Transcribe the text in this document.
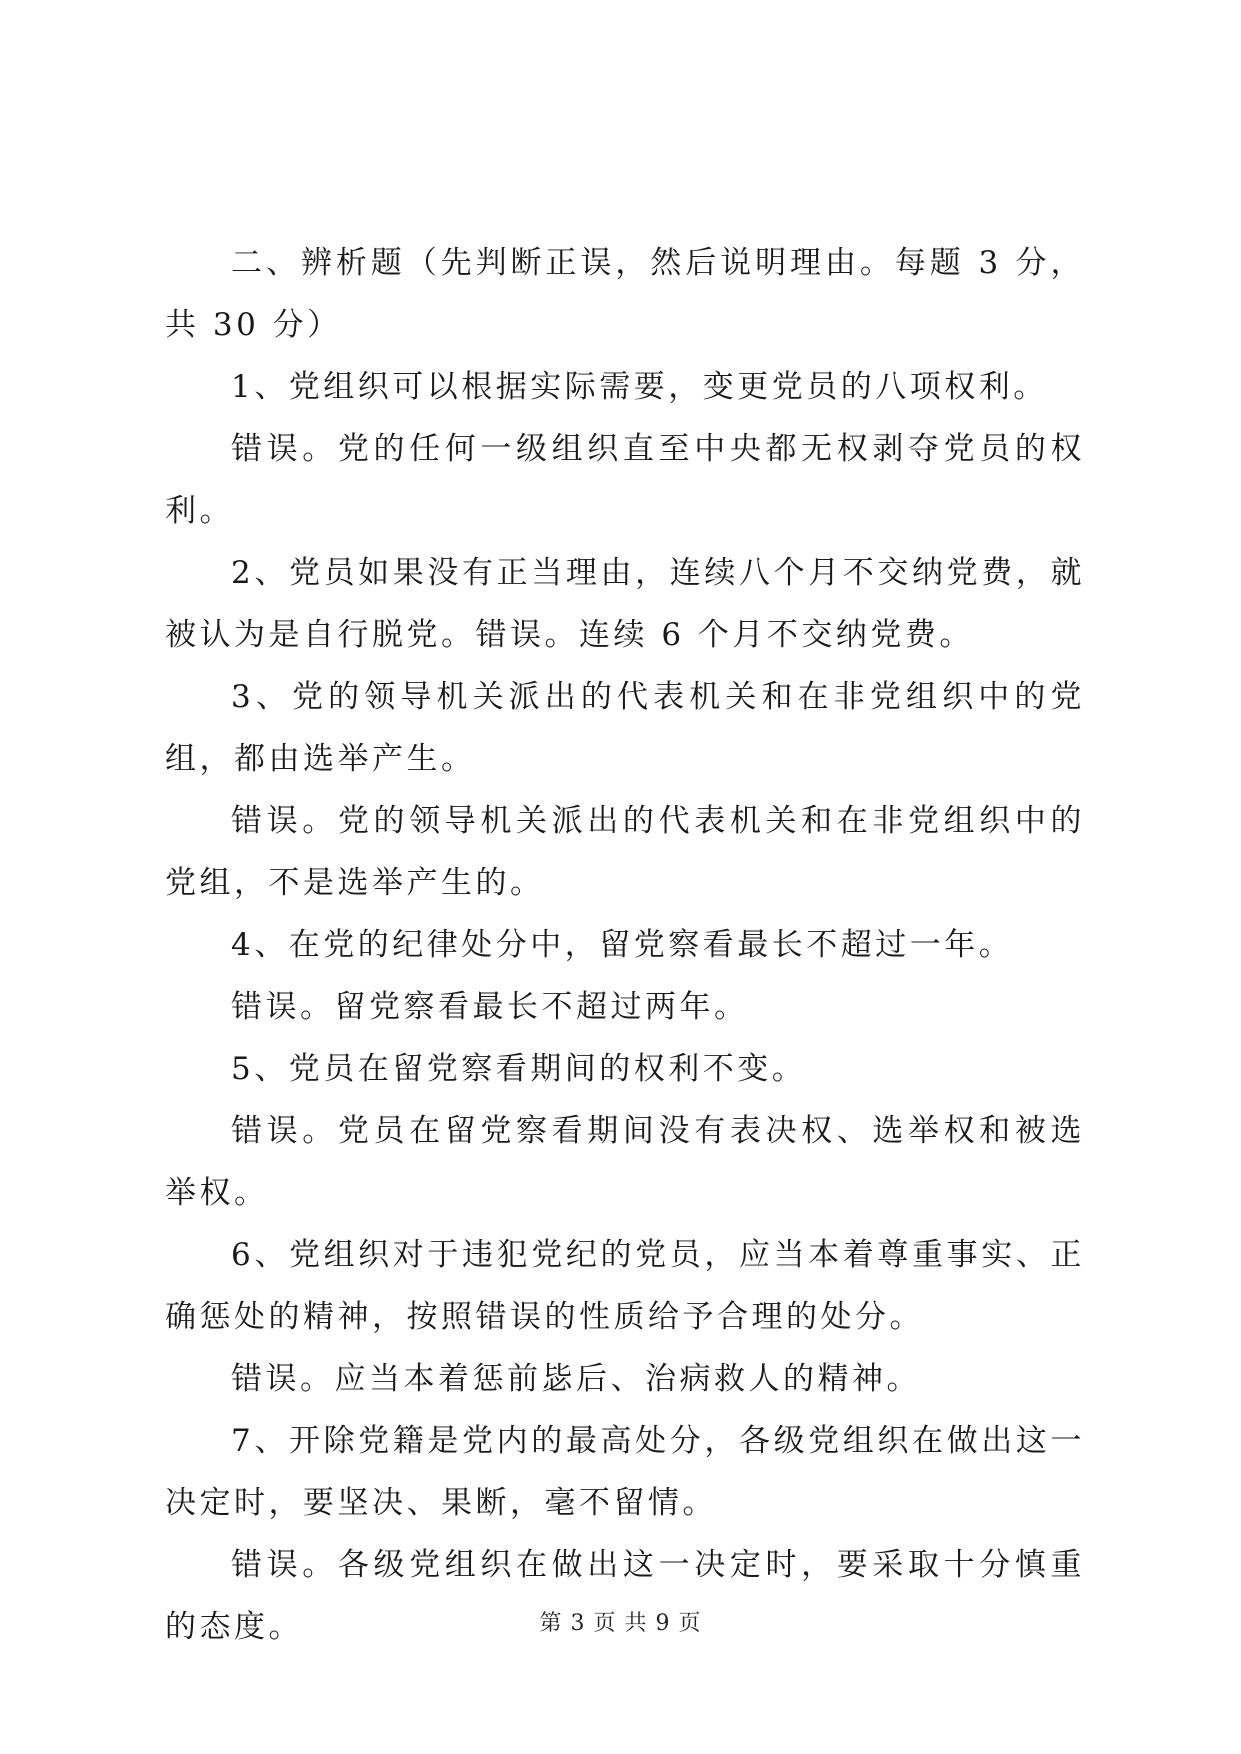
二、辨析题（先判断正误，然后说明理由。每题 3 分，共 30 分）

1、党组织可以根据实际需要，变更党员的八项权利。

错误。党的任何一级组织直至中央都无权剥夺党员的权利。

2、党员如果没有正当理由，连续八个月不交纳党费，就被认为是自行脱党。错误。连续 6 个月不交纳党费。

3、党的领导机关派出的代表机关和在非党组织中的党组，都由选举产生。

错误。党的领导机关派出的代表机关和在非党组织中的党组，不是选举产生的。

4、在党的纪律处分中，留党察看最长不超过一年。

错误。留党察看最长不超过两年。

5、党员在留党察看期间的权利不变。

错误。党员在留党察看期间没有表决权、选举权和被选举权。

6、党组织对于违犯党纪的党员，应当本着尊重事实、正确惩处的精神，按照错误的性质给予合理的处分。

错误。应当本着惩前毖后、治病救人的精神。

7、开除党籍是党内的最高处分，各级党组织在做出这一决定时，要坚决、果断，毫不留情。

错误。各级党组织在做出这一决定时，要采取十分慎重的态度。	第 3 页 共 9 页
